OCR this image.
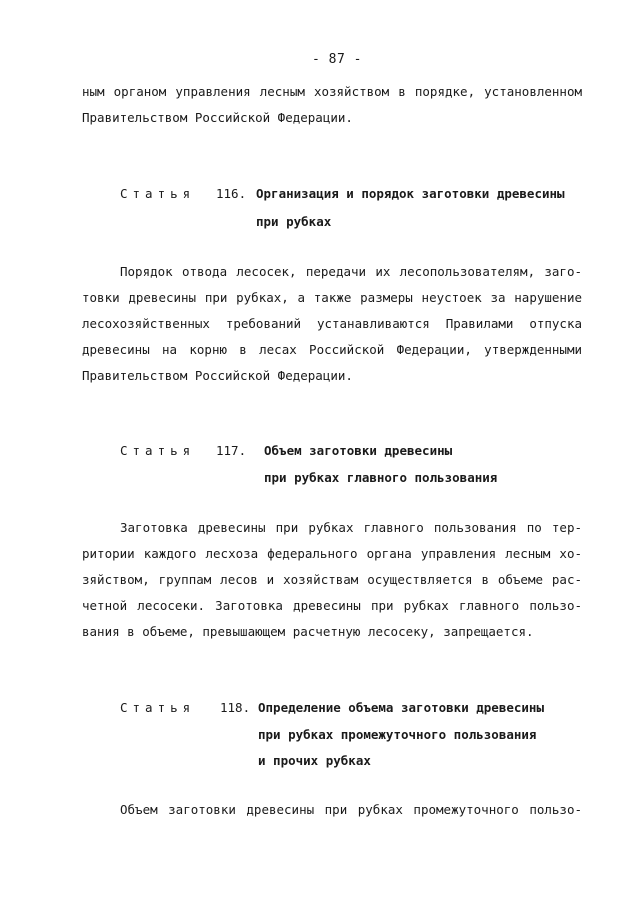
- 87 -
ным органом управления лесным хозяйством в порядке, установленном
Правительством Российской Федерации.
Статья 116. Организация и порядок заготовки древесины
при рубках
Порядок отвода лесосек, передачи их лесопользователям, заго-
товки древесины при рубках, а также размеры неустоек за нарушение
лесохозяйственных требований устанавливаются Правилами отпуска
древесины на корню в лесах Российской Федерации, утвержденными
Правительством Российской Федерации.
Статья 117. Объем заготовки древесины
при рубках главного пользования
Заготовка древесины при рубках главного пользования по тер-
ритории каждого лесхоза федерального органа управления лесным хо-
зяйством, группам лесов и хозяйствам осуществляется в объеме рас-
четной лесосеки. Заготовка древесины при рубках главного пользо-
вания в объеме, превышающем расчетную лесосеку, запрещается.
Статья 118. Определение объема заготовки древесины
при рубках промежуточного пользования
и прочих рубках
Объем заготовки древесины при рубках промежуточного пользо-
